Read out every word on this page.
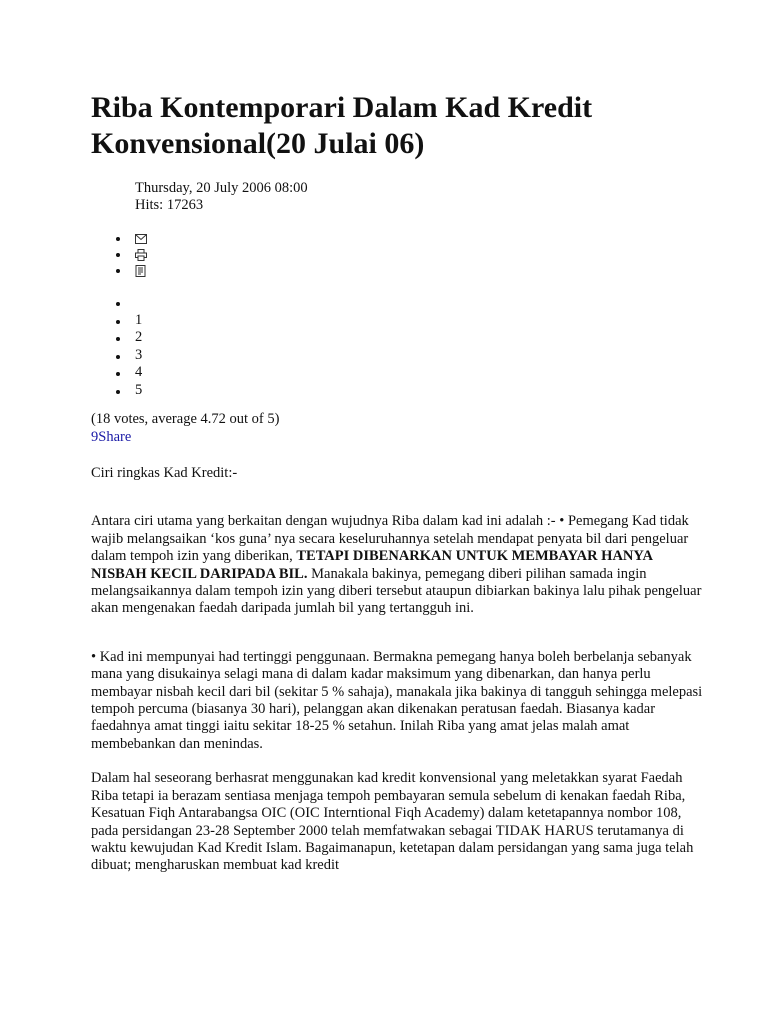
Riba Kontemporari Dalam Kad Kredit Konvensional(20 Julai 06)
Thursday, 20 July 2006 08:00
Hits: 17263
1
2
3
4
5
(18 votes, average 4.72 out of 5)
9Share

Ciri ringkas Kad Kredit:-

Antara ciri utama yang berkaitan dengan wujudnya Riba dalam kad ini adalah :- • Pemegang Kad tidak wajib melangsaikan ‘kos guna’ nya secara keseluruhannya setelah mendapat penyata bil dari pengeluar dalam tempoh izin yang diberikan, TETAPI DIBENARKAN UNTUK MEMBAYAR HANYA NISBAH KECIL DARIPADA BIL. Manakala bakinya, pemegang diberi pilihan samada ingin melangsaikannya dalam tempoh izin yang diberi tersebut ataupun dibiarkan bakinya lalu pihak pengeluar akan mengenakan faedah daripada jumlah bil yang tertangguh ini.

• Kad ini mempunyai had tertinggi penggunaan. Bermakna pemegang hanya boleh berbelanja sebanyak mana yang disukainya selagi mana di dalam kadar maksimum yang dibenarkan, dan hanya perlu membayar nisbah kecil dari bil (sekitar 5 % sahaja), manakala jika bakinya di tangguh sehingga melepasi tempoh percuma (biasanya 30 hari), pelanggan akan dikenakan peratusan faedah. Biasanya kadar faedahnya amat tinggi iaitu sekitar 18-25 % setahun. Inilah Riba yang amat jelas malah amat membebankan dan menindas.

Dalam hal seseorang berhasrat menggunakan kad kredit konvensional yang meletakkan syarat Faedah Riba tetapi ia berazam sentiasa menjaga tempoh pembayaran semula sebelum di kenakan faedah Riba, Kesatuan Fiqh Antarabangsa OIC (OIC Interntional Fiqh Academy) dalam ketetapannya nombor 108, pada persidangan 23-28 September 2000 telah memfatwakan sebagai TIDAK HARUS terutamanya di waktu kewujudan Kad Kredit Islam. Bagaimanapun, ketetapan dalam persidangan yang sama juga telah dibuat; mengharuskan membuat kad kredit
